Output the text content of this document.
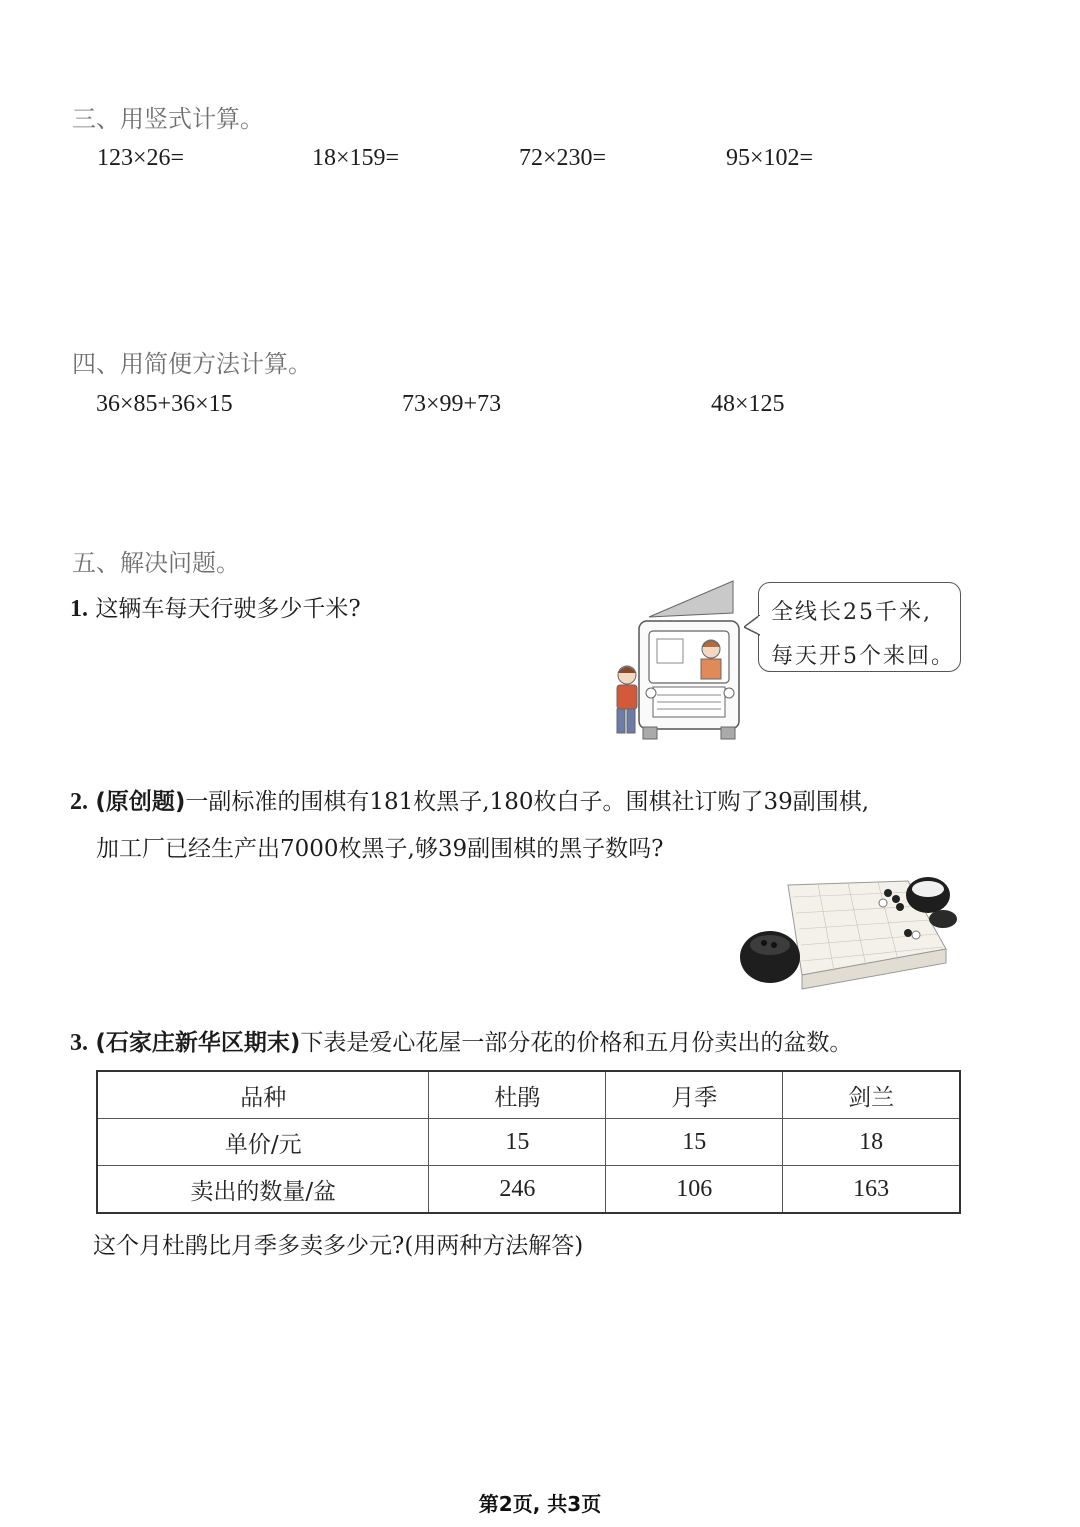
三、用竖式计算。
123×26=	18×159=	72×230=	95×102=
四、用简便方法计算。
36×85+36×15	73×99+73	48×125
五、解决问题。
1. 这辆车每天行驶多少千米?	全线长25千米,
每天开5个来回。
2. (原创题)一副标准的围棋有181枚黑子,180枚白子。围棋社订购了39副围棋,
加工厂已经生产出7000枚黑子,够39副围棋的黑子数吗?
3. (石家庄新华区期末)下表是爱心花屋一部分花的价格和五月份卖出的盆数。
品种	杜鹃	月季	剑兰
单价/元	15	15	18
卖出的数量/盆	246	106	163
这个月杜鹃比月季多卖多少元?(用两种方法解答)
第2页, 共3页
